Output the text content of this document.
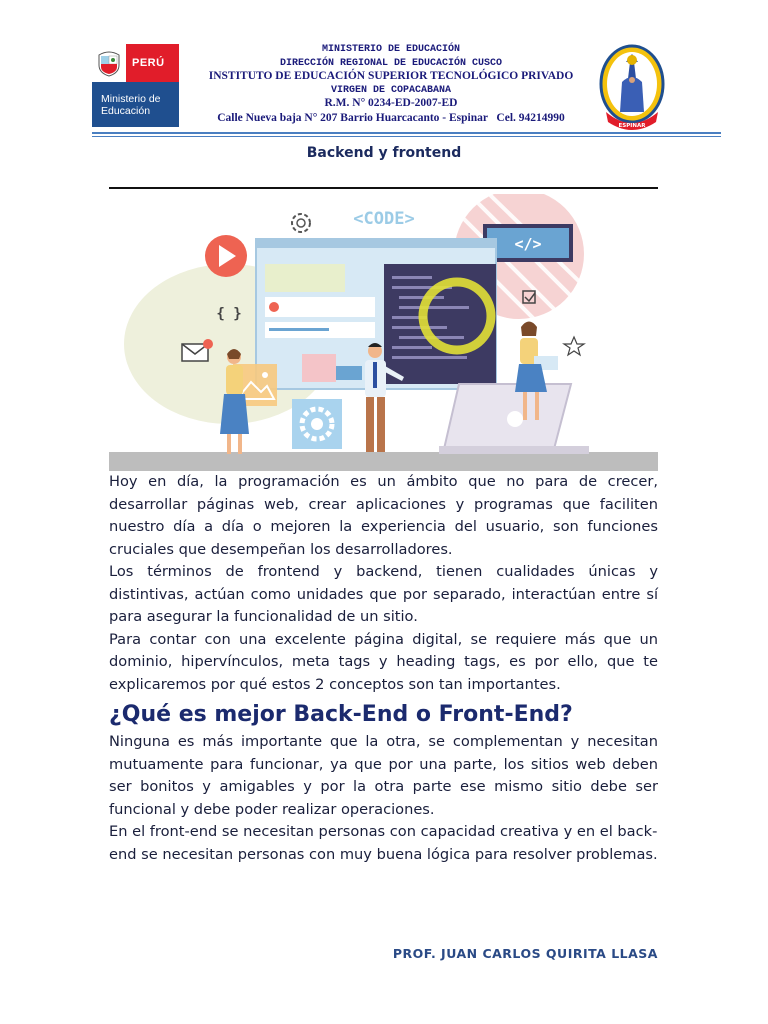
PERÚ
Ministerio de
Educación
MINISTERIO DE EDUCACIÓN
DIRECCIÓN REGIONAL DE EDUCACIÓN CUSCO
INSTITUTO DE EDUCACIÓN SUPERIOR TECNOLÓGICO PRIVADO
VIRGEN DE COPACABANA
R.M. N° 0234-ED-2007-ED
Calle Nueva baja N° 207 Barrio Huarcacanto - Espinar   Cel. 94214990
ESPINAR
Backend y frontend
<CODE>
</>
{ }

Hoy en día, la programación es un ámbito que no para de crecer, desarrollar páginas web, crear aplicaciones y programas que faciliten nuestro día a día o mejoren la experiencia del usuario, son funciones cruciales que desempeñan los desarrolladores.

Los términos de frontend y backend, tienen cualidades únicas y distintivas, actúan como unidades que por separado, interactúan entre sí para asegurar la funcionalidad de un sitio.

Para contar con una excelente página digital, se requiere más que un dominio, hipervínculos, meta tags y heading tags, es por ello, que te explicaremos por qué estos 2 conceptos son tan importantes.

¿Qué es mejor Back-End o Front-End?

Ninguna es más importante que la otra, se complementan y necesitan mutuamente para funcionar, ya que por una parte, los sitios web deben ser bonitos y amigables y por la otra parte ese mismo sitio debe ser funcional y debe poder realizar operaciones.

En el front-end se necesitan personas con capacidad creativa y en el back-end se necesitan personas con muy buena lógica para resolver problemas.

PROF. JUAN CARLOS QUIRITA LLASA
